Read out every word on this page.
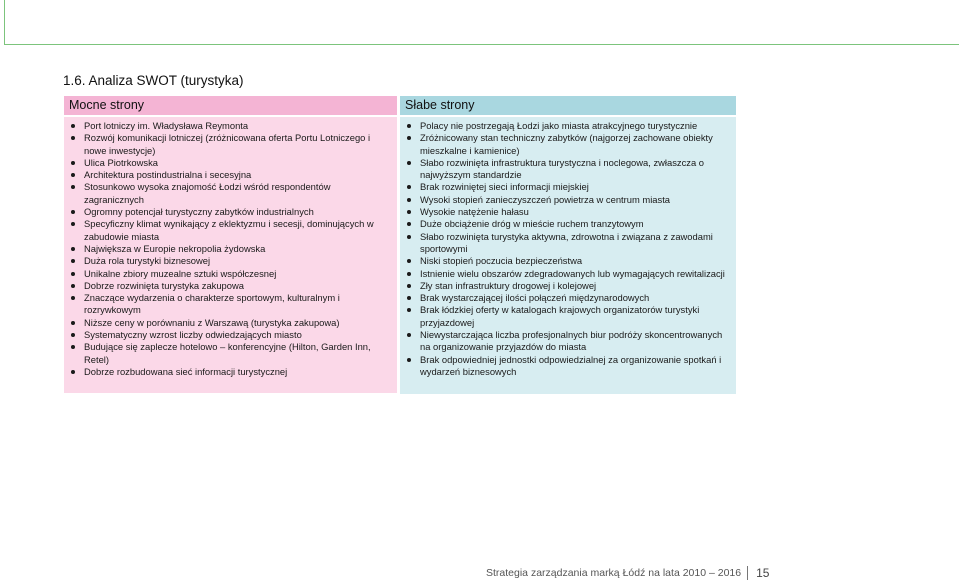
1.6. Analiza SWOT (turystyka)
Mocne strony
Port lotniczy im. Władysława Reymonta
Rozwój komunikacji lotniczej (zróżnicowana oferta Portu Lotniczego i nowe inwestycje)
Ulica Piotrkowska
Architektura postindustrialna i secesyjna
Stosunkowo wysoka znajomość Łodzi wśród respondentów zagranicznych
Ogromny potencjał turystyczny zabytków industrialnych
Specyficzny klimat wynikający z eklektyzmu i secesji, dominujących w zabudowie miasta
Największa w Europie nekropolia żydowska
Duża rola turystyki biznesowej
Unikalne zbiory muzealne sztuki współczesnej
Dobrze rozwinięta turystyka zakupowa
Znaczące wydarzenia o charakterze sportowym, kulturalnym i rozrywkowym
Niższe ceny w porównaniu z Warszawą (turystyka zakupowa)
Systematyczny wzrost liczby odwiedzających miasto
Budujące się zaplecze hotelowo – konferencyjne (Hilton, Garden Inn, Retel)
Dobrze rozbudowana sieć informacji turystycznej
Słabe strony
Polacy nie postrzegają Łodzi jako miasta atrakcyjnego turystycznie
Zróżnicowany stan techniczny zabytków (najgorzej zachowane obiekty mieszkalne i kamienice)
Słabo rozwinięta infrastruktura turystyczna i noclegowa, zwłaszcza o najwyższym standardzie
Brak rozwiniętej sieci informacji miejskiej
Wysoki stopień zanieczyszczeń powietrza w centrum miasta
Wysokie natężenie hałasu
Duże obciążenie dróg w mieście ruchem tranzytowym
Słabo rozwinięta turystyka aktywna, zdrowotna i związana z zawodami sportowymi
Niski stopień poczucia bezpieczeństwa
Istnienie wielu obszarów zdegradowanych lub wymagających rewitalizacji
Zły stan infrastruktury drogowej i kolejowej
Brak wystarczającej ilości połączeń międzynarodowych
Brak łódzkiej oferty w katalogach krajowych organizatorów turystyki przyjazdowej
Niewystarczająca liczba profesjonalnych biur podróży skoncentrowanych na organizowanie przyjazdów do miasta
Brak odpowiedniej jednostki odpowiedzialnej za organizowanie spotkań i wydarzeń biznesowych
Strategia zarządzania marką Łódź na lata 2010 – 2016 15
